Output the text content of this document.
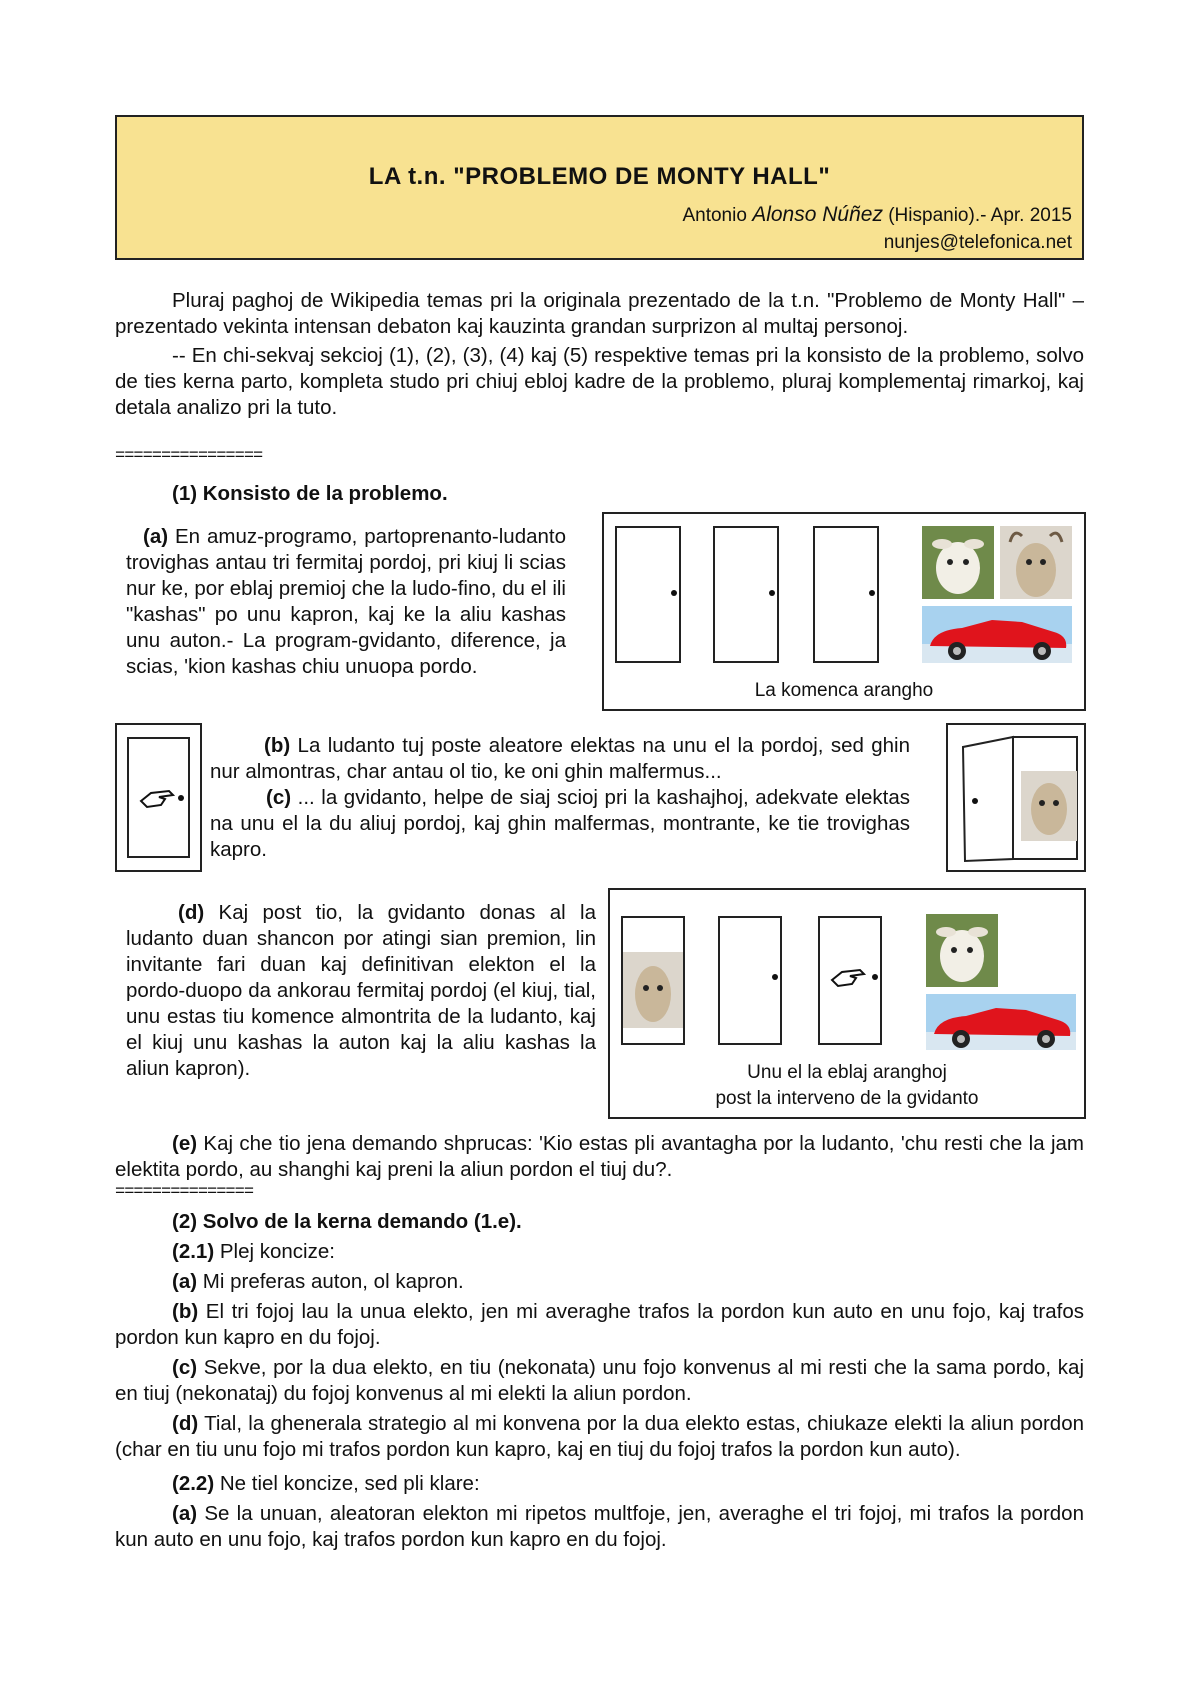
LA t.n. "PROBLEMO DE MONTY HALL"
Antonio Alonso Núñez (Hispanio).- Apr. 2015
nunjes@telefonica.net

Pluraj paghoj de Wikipedia temas pri la originala prezentado de la t.n. "Problemo de Monty Hall" –prezentado vekinta intensan debaton kaj kauzinta grandan surprizon al multaj personoj.

-- En chi-sekvaj sekcioj (1), (2), (3), (4) kaj (5) respektive temas pri la konsisto de la problemo, solvo de ties kerna parto, kompleta studo pri chiuj ebloj kadre de la problemo, pluraj komplementaj rimarkoj, kaj detala analizo pri la tuto.

================
(1) Konsisto de la problemo.

(a) En amuz-programo, partoprenanto-ludanto trovighas antau tri fermitaj pordoj, pri kiuj li scias nur ke, por eblaj premioj che la ludo-fino, du el ili "kashas" po unu kapron, kaj ke la aliu kashas unu auton.- La program-gvidanto, diference, ja scias, 'kion kashas chiu unuopa pordo.

La komenca arangho

(b) La ludanto tuj poste aleatore elektas na unu el la pordoj, sed ghin nur almontras, char antau ol tio, ke oni ghin malfermus...

(c) ... la gvidanto, helpe de siaj scioj pri la kashajhoj, adekvate elektas na unu el la du aliuj pordoj, kaj ghin malfermas, montrante, ke tie trovighas kapro.

(d) Kaj post tio, la gvidanto donas al la ludanto duan shancon por atingi sian premion, lin invitante fari duan kaj definitivan elekton el la pordo-duopo da ankorau fermitaj pordoj (el kiuj, tial, unu estas tiu komence almontrita de la ludanto, kaj el kiuj unu kashas la auton kaj la aliu kashas la aliun kapron).	Unu el la eblaj aranghoj
post la interveno de la gvidanto

(e) Kaj che tio jena demando shprucas: 'Kio estas pli avantagha por la ludanto, 'chu resti che la jam elektita pordo, au shanghi kaj preni la aliun pordon el tiuj du?.

===============

(2) Solvo de la kerna demando (1.e).

(2.1) Plej koncize:

(a) Mi preferas auton, ol kapron.

(b) El tri fojoj lau la unua elekto, jen mi averaghe trafos la pordon kun auto en unu fojo, kaj trafos pordon kun kapro en du fojoj.

(c) Sekve, por la dua elekto, en tiu (nekonata) unu fojo konvenus al mi resti che la sama pordo, kaj en tiuj (nekonataj) du fojoj konvenus al mi elekti la aliun pordon.

(d) Tial, la ghenerala strategio al mi konvena por la dua elekto estas, chiukaze elekti la aliun pordon (char en tiu unu fojo mi trafos pordon kun kapro, kaj en tiuj du fojoj trafos la pordon kun auto).

(2.2) Ne tiel koncize, sed pli klare:

(a) Se la unuan, aleatoran elekton mi ripetos multfoje, jen, averaghe el tri fojoj, mi trafos la pordon kun auto en unu fojo, kaj trafos pordon kun kapro en du fojoj.
